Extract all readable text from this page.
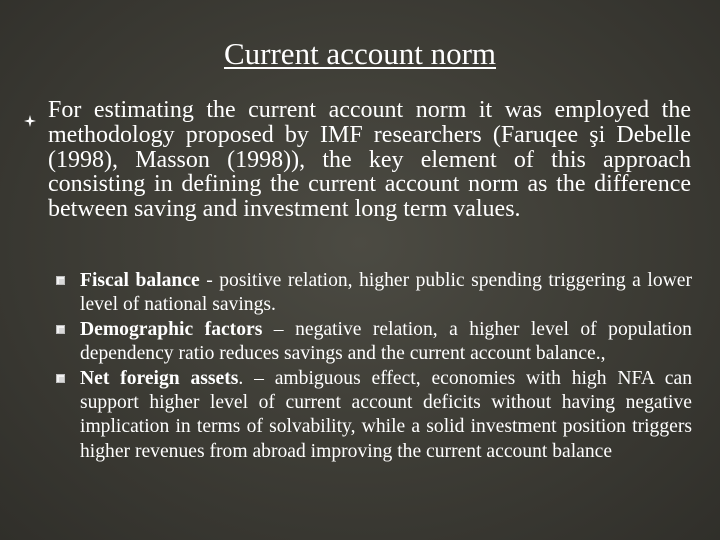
Current account norm

For estimating the current account norm it was employed the methodology proposed by IMF researchers (Faruqee şi Debelle (1998), Masson (1998)), the key element of this approach consisting in defining the current account norm as the difference between saving and investment long term values.

Fiscal balance - positive relation, higher public spending triggering a lower level of national savings.

Demographic factors – negative relation, a higher level of population dependency ratio reduces savings and the current account balance.,

Net foreign assets. – ambiguous effect, economies with high NFA can support higher level of current account deficits without having negative implication in terms of solvability, while a solid investment position triggers higher revenues from abroad improving the current account balance
